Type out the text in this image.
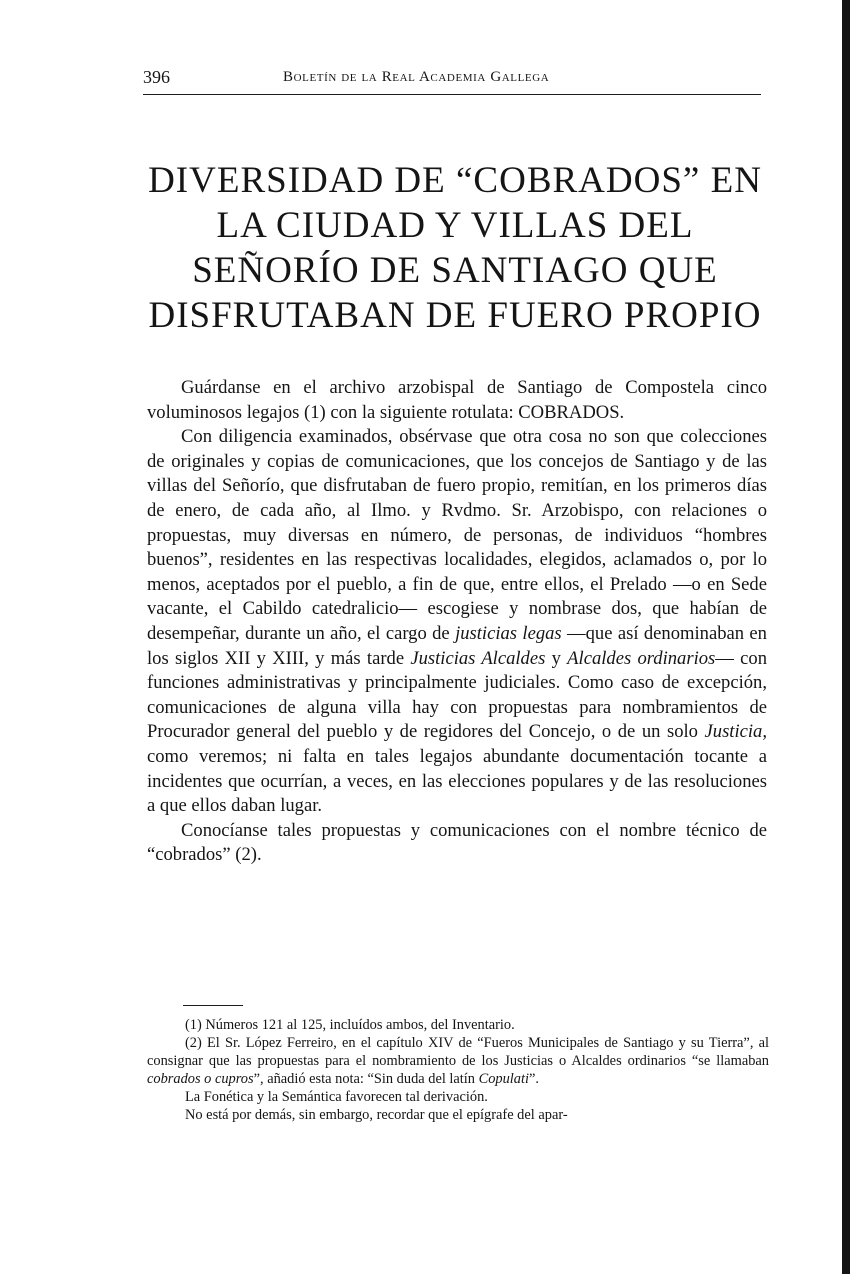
396	Boletín de la Real Academia Gallega
DIVERSIDAD DE “COBRADOS” EN LA CIUDAD Y VILLAS DEL SEÑORÍO DE SANTIAGO QUE DISFRUTABAN DE FUERO PROPIO

Guárdanse en el archivo arzobispal de Santiago de Compostela cinco voluminosos legajos (1) con la siguiente rotulata: COBRADOS.

Con diligencia examinados, obsérvase que otra cosa no son que colecciones de originales y copias de comunicaciones, que los concejos de Santiago y de las villas del Señorío, que disfrutaban de fuero propio, remitían, en los primeros días de enero, de cada año, al Ilmo. y Rvdmo. Sr. Arzobispo, con relaciones o propuestas, muy diversas en número, de personas, de individuos “hombres buenos”, residentes en las respectivas localidades, elegidos, aclamados o, por lo menos, aceptados por el pueblo, a fin de que, entre ellos, el Prelado —o en Sede vacante, el Cabildo catedralicio— escogiese y nombrase dos, que habían de desempeñar, durante un año, el cargo de justicias legas —que así denominaban en los siglos XII y XIII, y más tarde Justicias Alcaldes y Alcaldes ordinarios— con funciones administrativas y principalmente judiciales. Como caso de excepción, comunicaciones de alguna villa hay con propuestas para nombramientos de Procurador general del pueblo y de regidores del Concejo, o de un solo Justicia, como veremos; ni falta en tales legajos abundante documentación tocante a incidentes que ocurrían, a veces, en las elecciones populares y de las resoluciones a que ellos daban lugar.

Conocíanse tales propuestas y comunicaciones con el nombre técnico de “cobrados” (2).

(1) Números 121 al 125, incluídos ambos, del Inventario.

(2) El Sr. López Ferreiro, en el capítulo XIV de “Fueros Municipales de Santiago y su Tierra”, al consignar que las propuestas para el nombramiento de los Justicias o Alcaldes ordinarios “se llamaban cobrados o cupros”, añadió esta nota: “Sin duda del latín Copulati”.

La Fonética y la Semántica favorecen tal derivación.

No está por demás, sin embargo, recordar que el epígrafe del apar-
